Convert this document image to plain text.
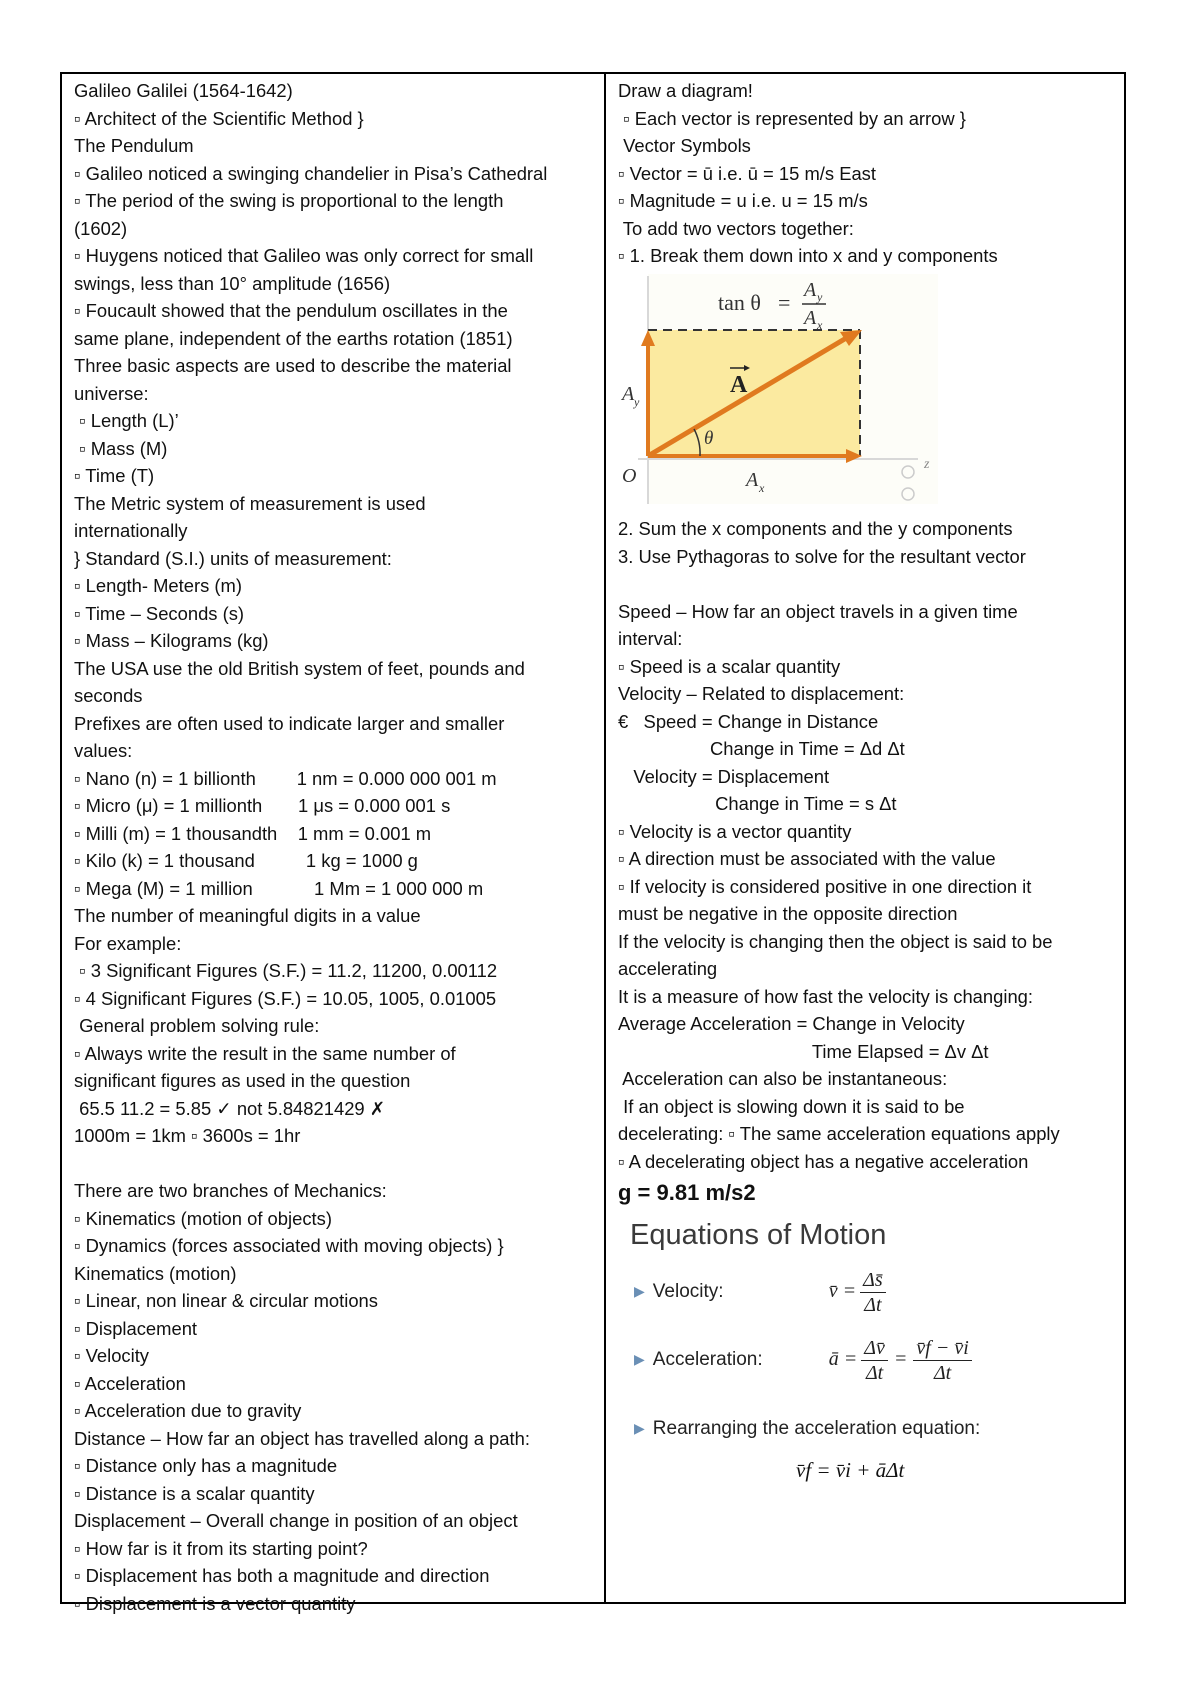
Galileo Galilei (1564-1642)
▫ Architect of the Scientific Method }
The Pendulum
▫ Galileo noticed a swinging chandelier in Pisa’s Cathedral
▫ The period of the swing is proportional to the length
(1602)
▫ Huygens noticed that Galileo was only correct for small
swings, less than 10° amplitude (1656)
▫ Foucault showed that the pendulum oscillates in the
same plane, independent of the earths rotation (1851)
Three basic aspects are used to describe the material
universe:
▫ Length (L)’
▫ Mass (M)
▫ Time (T)
The Metric system of measurement is used
internationally
} Standard (S.I.) units of measurement:
▫ Length- Meters (m)
▫ Time – Seconds (s)
▫ Mass – Kilograms (kg)
The USA use the old British system of feet, pounds and
seconds
Prefixes are often used to indicate larger and smaller
values:
▫ Nano (n) = 1 billionth        1 nm = 0.000 000 001 m
▫ Micro (μ) = 1 millionth       1 μs = 0.000 001 s
▫ Milli (m) = 1 thousandth    1 mm = 0.001 m
▫ Kilo (k) = 1 thousand          1 kg = 1000 g
▫ Mega (M) = 1 million            1 Mm = 1 000 000 m
The number of meaningful digits in a value
For example:
▫ 3 Significant Figures (S.F.) = 11.2, 11200, 0.00112
▫ 4 Significant Figures (S.F.) = 10.05, 1005, 0.01005
General problem solving rule:
▫ Always write the result in the same number of
significant figures as used in the question
65.5 11.2 = 5.85 ✓ not 5.84821429 ✗
1000m = 1km ▫ 3600s = 1hr
There are two branches of Mechanics:
▫ Kinematics (motion of objects)
▫ Dynamics (forces associated with moving objects) }
Kinematics (motion)
▫ Linear, non linear & circular motions
▫ Displacement
▫ Velocity
▫ Acceleration
▫ Acceleration due to gravity
Distance – How far an object has travelled along a path:
▫ Distance only has a magnitude
▫ Distance is a scalar quantity
Displacement – Overall change in position of an object
▫ How far is it from its starting point?
▫ Displacement has both a magnitude and direction
▫ Displacement is a vector quantity
Draw a diagram!
▫ Each vector is represented by an arrow }
Vector Symbols
▫ Vector = ū i.e. ū = 15 m/s East
▫ Magnitude = u i.e. u = 15 m/s
To add two vectors together:
▫ 1. Break them down into x and y components
tan θ = A y
A x
A
A y
A x
O
θ
z
2. Sum the x components and the y components
3. Use Pythagoras to solve for the resultant vector
Speed – How far an object travels in a given time
interval:
▫ Speed is a scalar quantity
Velocity – Related to displacement:
€   Speed = Change in Distance
Change in Time = Δd Δt
Velocity = Displacement
Change in Time = s Δt
▫ Velocity is a vector quantity
▫ A direction must be associated with the value
▫ If velocity is considered positive in one direction it
must be negative in the opposite direction
If the velocity is changing then the object is said to be
accelerating
It is a measure of how fast the velocity is changing:
Average Acceleration = Change in Velocity
Time Elapsed = Δv Δt
Acceleration can also be instantaneous:
If an object is slowing down it is said to be
decelerating: ▫ The same acceleration equations apply
▫ A decelerating object has a negative acceleration
g = 9.81 m/s2
Equations of Motion
▶ Velocity:	v̄ = $\frac{\Delta s̄}{\Delta t}$
▶ Acceleration:	ā = $\frac{\Delta v̄}{\Delta t} = \frac{v̄f - v̄i}{\Delta t}$
▶ Rearranging the acceleration equation:
v̄f = v̄i + āΔt
